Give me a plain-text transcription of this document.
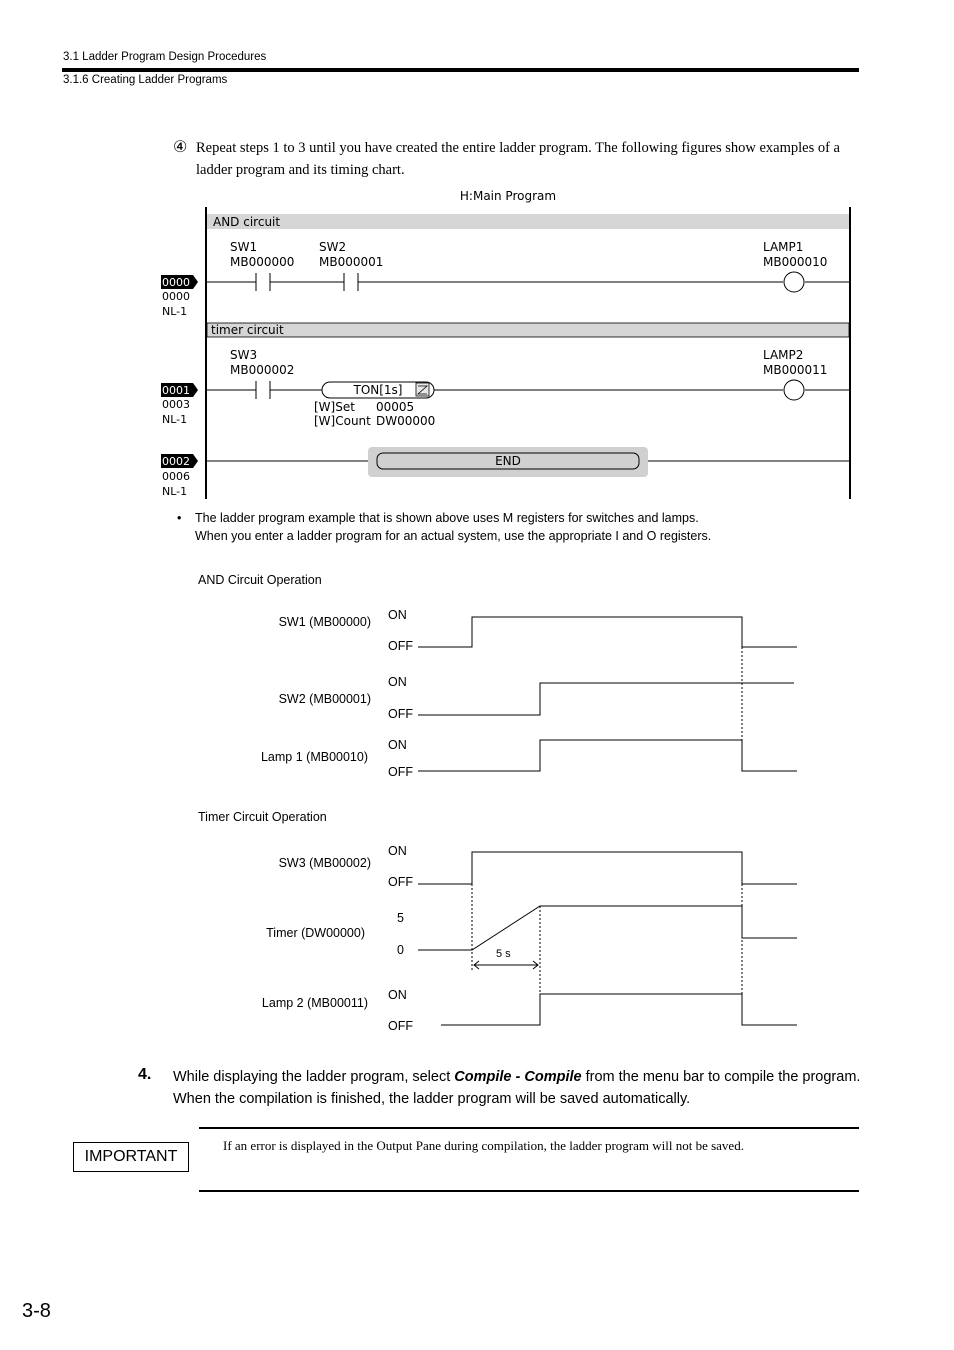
3.1 Ladder Program Design Procedures
3.1.6 Creating Ladder Programs
④ Repeat steps 1 to 3 until you have created the entire ladder program. The following figures show examples of a ladder program and its timing chart.
H:Main Program
AND circuit
SW1
MB000000
SW2
MB000001
LAMP1
MB000010
0000
0000
NL-1
timer circuit
SW3
MB000002
LAMP2
MB000011
TON[1s]
[W]Set 00005
[W]Count DW00000
0001
0003
NL-1
END
0002
0006
NL-1
• The ladder program example that is shown above uses M registers for switches and lamps.
When you enter a ladder program for an actual system, use the appropriate I and O registers.
AND Circuit Operation
SW1 (MB00000) ON
OFF
SW2 (MB00001)
ON
OFF
Lamp 1 (MB00010)
ON
OFF
Timer Circuit Operation
SW3 (MB00002)
ON
OFF
Timer (DW00000)
5
0	5 s
Lamp 2 (MB00011)
ON
OFF
4. While displaying the ladder program, select Compile - Compile from the menu bar to compile the program. When the compilation is finished, the ladder program will be saved automatically.
IMPORTANT
If an error is displayed in the Output Pane during compilation, the ladder program will not be saved.
3-8
